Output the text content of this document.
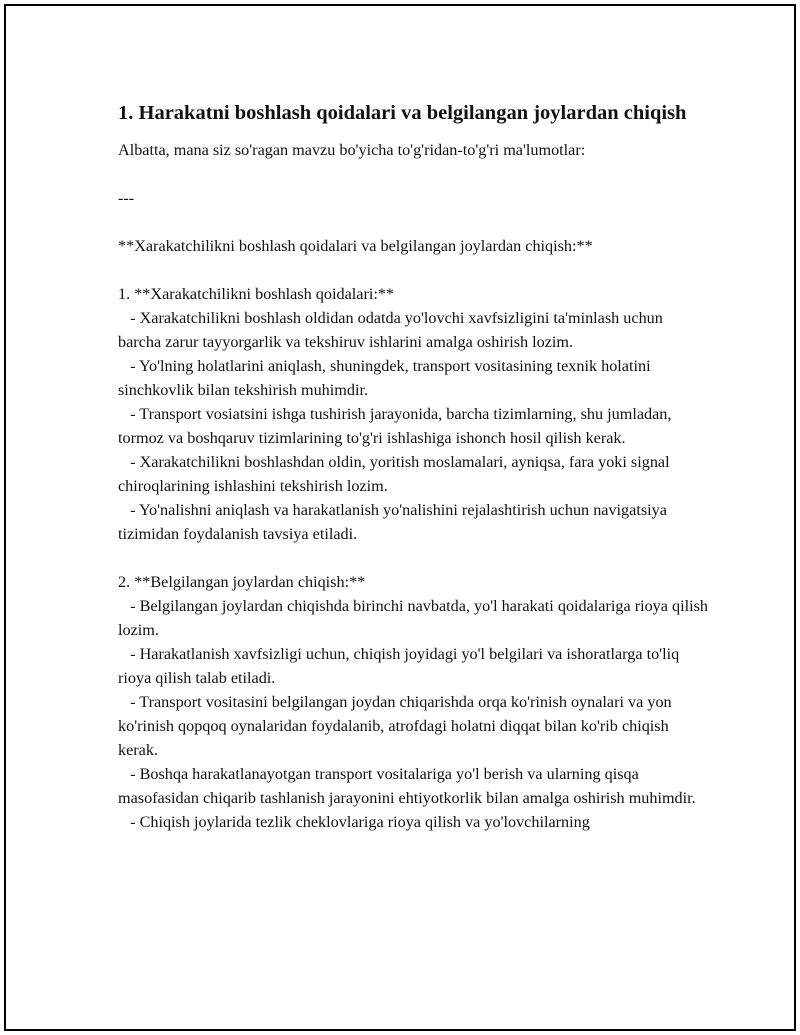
1. Harakatni boshlash qoidalari va belgilangan joylardan chiqish

Albatta, mana siz so'ragan mavzu bo'yicha to'g'ridan-to'g'ri ma'lumotlar:

---

**Xarakatchilikni boshlash qoidalari va belgilangan joylardan chiqish:**

1. **Xarakatchilikni boshlash qoidalari:**
- Xarakatchilikni boshlash oldidan odatda yo'lovchi xavfsizligini ta'minlash uchun barcha zarur tayyorgarlik va tekshiruv ishlarini amalga oshirish lozim.
- Yo'lning holatlarini aniqlash, shuningdek, transport vositasining texnik holatini sinchkovlik bilan tekshirish muhimdir.
- Transport vosiatsini ishga tushirish jarayonida, barcha tizimlarning, shu jumladan, tormoz va boshqaruv tizimlarining to'g'ri ishlashiga ishonch hosil qilish kerak.
- Xarakatchilikni boshlashdan oldin, yoritish moslamalari, ayniqsa, fara yoki signal chiroqlarining ishlashini tekshirish lozim.
- Yo'nalishni aniqlash va harakatlanish yo'nalishini rejalashtirish uchun navigatsiya tizimidan foydalanish tavsiya etiladi.

2. **Belgilangan joylardan chiqish:**
- Belgilangan joylardan chiqishda birinchi navbatda, yo'l harakati qoidalariga rioya qilish lozim.
- Harakatlanish xavfsizligi uchun, chiqish joyidagi yo'l belgilari va ishoratlarga to'liq rioya qilish talab etiladi.
- Transport vositasini belgilangan joydan chiqarishda orqa ko'rinish oynalari va yon ko'rinish qopqoq oynalaridan foydalanib, atrofdagi holatni diqqat bilan ko'rib chiqish kerak.
- Boshqa harakatlanayotgan transport vositalariga yo'l berish va ularning qisqa masofasidan chiqarib tashlanish jarayonini ehtiyotkorlik bilan amalga oshirish muhimdir.
- Chiqish joylarida tezlik cheklovlariga rioya qilish va yo'lovchilarning
